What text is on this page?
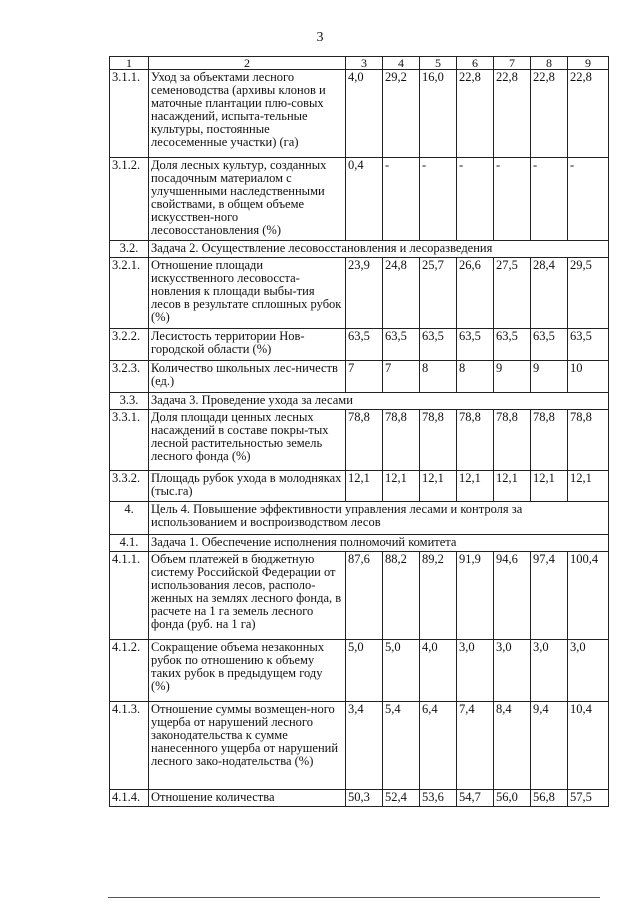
3
1	2	3	4	5	6	7	8	9
3.1.1.	Уход за объектами лесного семеноводства (архивы клонов и маточные плантации плю-совых насаждений, испыта-тельные культуры, постоянные лесосеменные участки) (га)	4,0	29,2	16,0	22,8	22,8	22,8	22,8
3.1.2.	Доля лесных культур, созданных посадочным материалом с улучшенными наследственными свойствами, в общем объеме искусствен-ного лесовосстановления (%)	0,4	-	-	-	-	-	-
3.2.	Задача 2. Осуществление лесовосстановления и лесоразведения							
3.2.1.	Отношение площади искусственного лесовосста-новления к площади выбы-тия лесов в результате сплошных рубок (%)	23,9	24,8	25,7	26,6	27,5	28,4	29,5
3.2.2.	Лесистость территории Нов-городской области (%)	63,5	63,5	63,5	63,5	63,5	63,5	63,5
3.2.3.	Количество школьных лес-ничеств (ед.)	7	7	8	8	9	9	10
3.3.	Задача 3. Проведение ухода за лесами							
3.3.1.	Доля площади ценных лесных насаждений в составе покры-тых лесной растительностью земель лесного фонда (%)	78,8	78,8	78,8	78,8	78,8	78,8	78,8
3.3.2.	Площадь рубок ухода в молодняках (тыс.га)	12,1	12,1	12,1	12,1	12,1	12,1	12,1
4.	Цель 4. Повышение эффективности управления лесами и контроля за использованием и воспроизводством лесов							
4.1.	Задача 1. Обеспечение исполнения полномочий комитета							
4.1.1.	Объем платежей в бюджетную систему Российской Федерации от использования лесов, располо-женных на землях лесного фонда, в расчете на 1 га земель лесного фонда (руб. на 1 га)	87,6	88,2	89,2	91,9	94,6	97,4	100,4
4.1.2.	Сокращение объема незаконных рубок по отношению к объему таких рубок в предыдущем году (%)	5,0	5,0	4,0	3,0	3,0	3,0	3,0
4.1.3.	Отношение суммы возмещен-ного ущерба от нарушений лесного законодательства к сумме нанесенного ущерба от нарушений лесного зако-нодательства (%)	3,4	5,4	6,4	7,4	8,4	9,4	10,4
4.1.4.	Отношение количества	50,3	52,4	53,6	54,7	56,0	56,8	57,5
